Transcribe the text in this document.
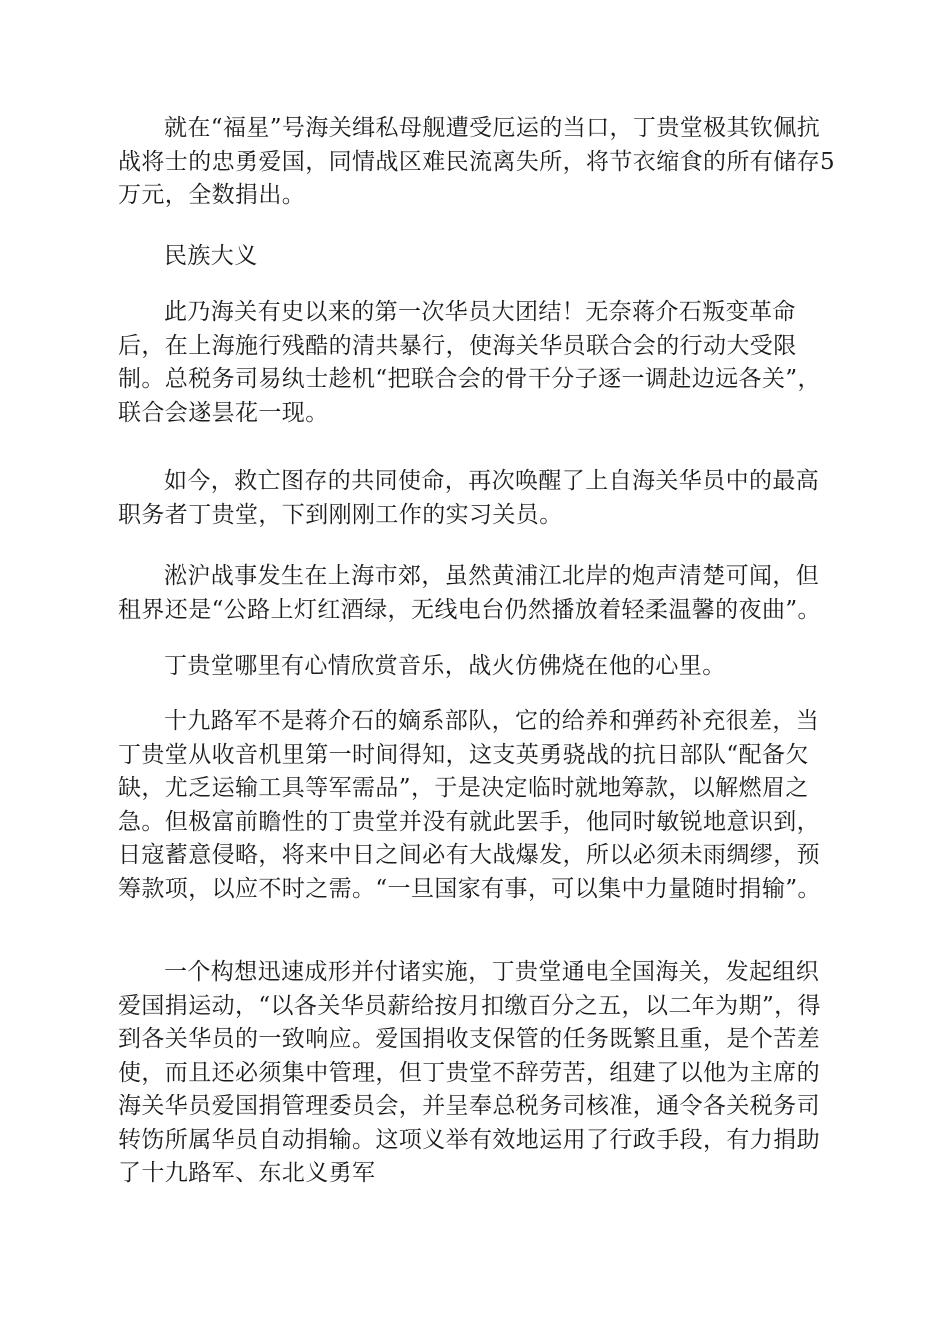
就在“福星”号海关缉私母舰遭受厄运的当口，丁贵堂极其钦佩抗战将士的忠勇爱国，同情战区难民流离失所，将节衣缩食的所有储存5万元，全数捐出。

民族大义

此乃海关有史以来的第一次华员大团结！无奈蒋介石叛变革命后，在上海施行残酷的清共暴行，使海关华员联合会的行动大受限制。总税务司易纨士趁机“把联合会的骨干分子逐一调赴边远各关”，联合会遂昙花一现。

如今，救亡图存的共同使命，再次唤醒了上自海关华员中的最高职务者丁贵堂，下到刚刚工作的实习关员。

淞沪战事发生在上海市郊，虽然黄浦江北岸的炮声清楚可闻，但租界还是“公路上灯红酒绿，无线电台仍然播放着轻柔温馨的夜曲”。

丁贵堂哪里有心情欣赏音乐，战火仿佛烧在他的心里。

十九路军不是蒋介石的嫡系部队，它的给养和弹药补充很差，当丁贵堂从收音机里第一时间得知，这支英勇骁战的抗日部队“配备欠缺，尤乏运输工具等军需品”，于是决定临时就地筹款，以解燃眉之急。但极富前瞻性的丁贵堂并没有就此罢手，他同时敏锐地意识到，日寇蓄意侵略，将来中日之间必有大战爆发，所以必须未雨绸缪，预筹款项，以应不时之需。“一旦国家有事，可以集中力量随时捐输”。

一个构想迅速成形并付诸实施，丁贵堂通电全国海关，发起组织爱国捐运动，“以各关华员薪给按月扣缴百分之五，以二年为期”，得到各关华员的一致响应。爱国捐收支保管的任务既繁且重，是个苦差使，而且还必须集中管理，但丁贵堂不辞劳苦，组建了以他为主席的海关华员爱国捐管理委员会，并呈奉总税务司核准，通令各关税务司转饬所属华员自动捐输。这项义举有效地运用了行政手段，有力捐助了十九路军、东北义勇军
